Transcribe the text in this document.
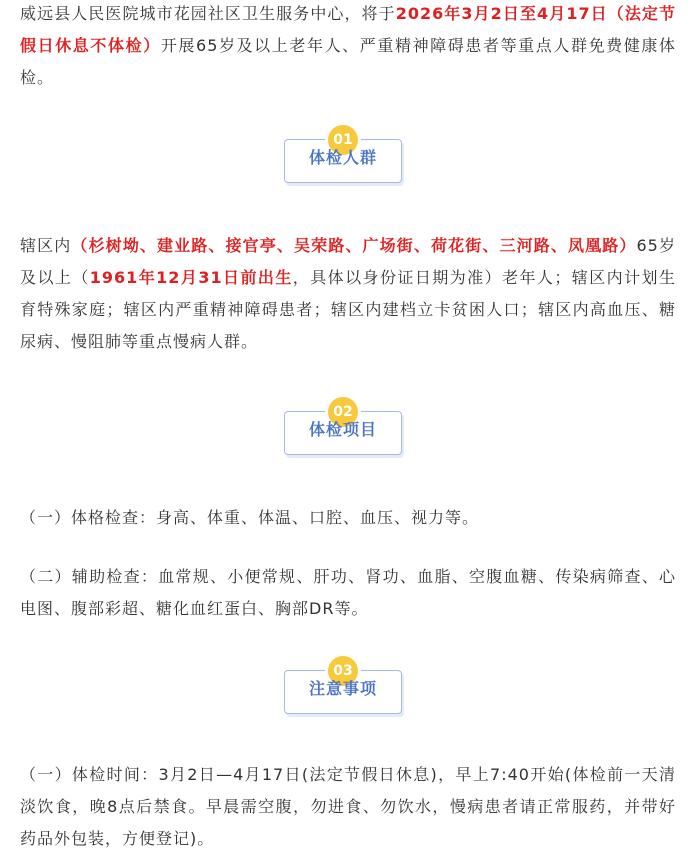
威远县人民医院城市花园社区卫生服务中心，将于2026年3月2日至4月17日（法定节假日休息不体检）开展65岁及以上老年人、严重精神障碍患者等重点人群免费健康体检。

01
体检人群

辖区内（杉树坳、建业路、接官亭、吴荣路、广场街、荷花街、三河路、凤凰路）65岁及以上（1961年12月31日前出生，具体以身份证日期为准）老年人；辖区内计划生育特殊家庭；辖区内严重精神障碍患者；辖区内建档立卡贫困人口；辖区内高血压、糖尿病、慢阻肺等重点慢病人群。

02
体检项目

（一）体格检查：身高、体重、体温、口腔、血压、视力等。

（二）辅助检查：血常规、小便常规、肝功、肾功、血脂、空腹血糖、传染病筛查、心电图、腹部彩超、糖化血红蛋白、胸部DR等。

03
注意事项

（一）体检时间：3月2日—4月17日(法定节假日休息)，早上7:40开始(体检前一天清淡饮食，晚8点后禁食。早晨需空腹，勿进食、勿饮水，慢病患者请正常服药，并带好药品外包装，方便登记)。
